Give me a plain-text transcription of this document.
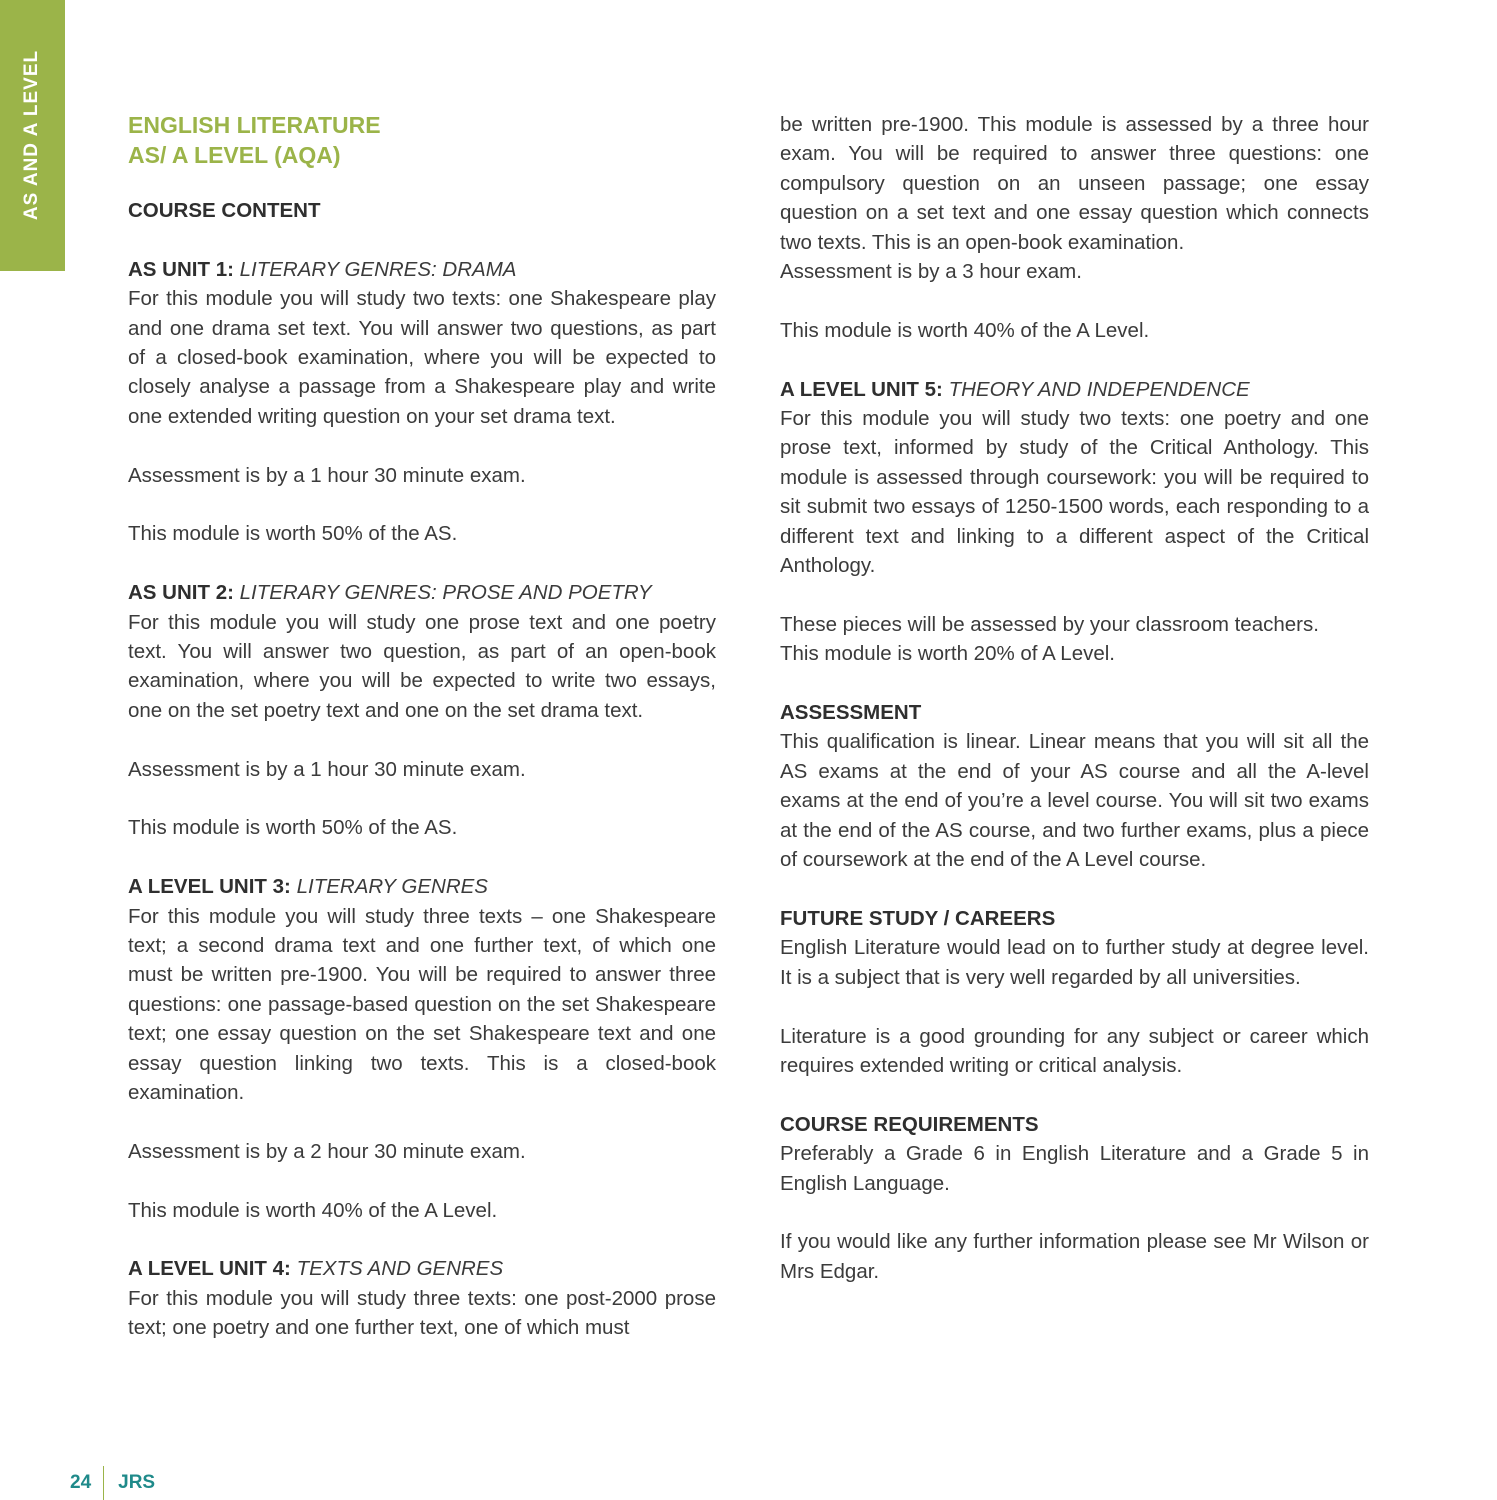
AS AND A LEVEL	ENGLISH LITERATURE
AS/ A LEVEL (AQA)
COURSE CONTENT
AS UNIT 1: LITERARY GENRES: DRAMA

For this module you will study two texts: one Shakespeare play and one drama set text. You will answer two questions, as part of a closed-book examination, where you will be expected to closely analyse a passage from a Shakespeare play and write one extended writing question on your set drama text.

Assessment is by a 1 hour 30 minute exam.

This module is worth 50% of the AS.

AS UNIT 2: LITERARY GENRES: PROSE AND POETRY

For this module you will study one prose text and one poetry text. You will answer two question, as part of an open-book examination, where you will be expected to write two essays, one on the set poetry text and one on the set drama text.

Assessment is by a 1 hour 30 minute exam.

This module is worth 50% of the AS.

A LEVEL UNIT 3: LITERARY GENRES

For this module you will study three texts – one Shakespeare text; a second drama text and one further text, of which one must be written pre-1900. You will be required to answer three questions: one passage-based question on the set Shakespeare text; one essay question on the set Shakespeare text and one essay question linking two texts. This is a closed-book examination.

Assessment is by a 2 hour 30 minute exam.

This module is worth 40% of the A Level.

A LEVEL UNIT 4: TEXTS AND GENRES

For this module you will study three texts: one post-2000 prose text; one poetry and one further text, one of which must

be written pre-1900. This module is assessed by a three hour exam. You will be required to answer three questions: one compulsory question on an unseen passage; one essay question on a set text and one essay question which connects two texts. This is an open-book examination.

Assessment is by a 3 hour exam.

This module is worth 40% of the A Level.

A LEVEL UNIT 5: THEORY AND INDEPENDENCE

For this module you will study two texts: one poetry and one prose text, informed by study of the Critical Anthology. This module is assessed through coursework: you will be required to sit submit two essays of 1250-1500 words, each responding to a different text and linking to a different aspect of the Critical Anthology.

These pieces will be assessed by your classroom teachers.

This module is worth 20% of A Level.

ASSESSMENT

This qualification is linear. Linear means that you will sit all the AS exams at the end of your AS course and all the A-level exams at the end of you’re a level course. You will sit two exams at the end of the AS course, and two further exams, plus a piece of coursework at the end of the A Level course.

FUTURE STUDY / CAREERS

English Literature would lead on to further study at degree level. It is a subject that is very well regarded by all universities.

Literature is a good grounding for any subject or career which requires extended writing or critical analysis.

COURSE REQUIREMENTS

Preferably a Grade 6 in English Literature and a Grade 5 in English Language.

If you would like any further information please see Mr Wilson or Mrs Edgar.

24 JRS
